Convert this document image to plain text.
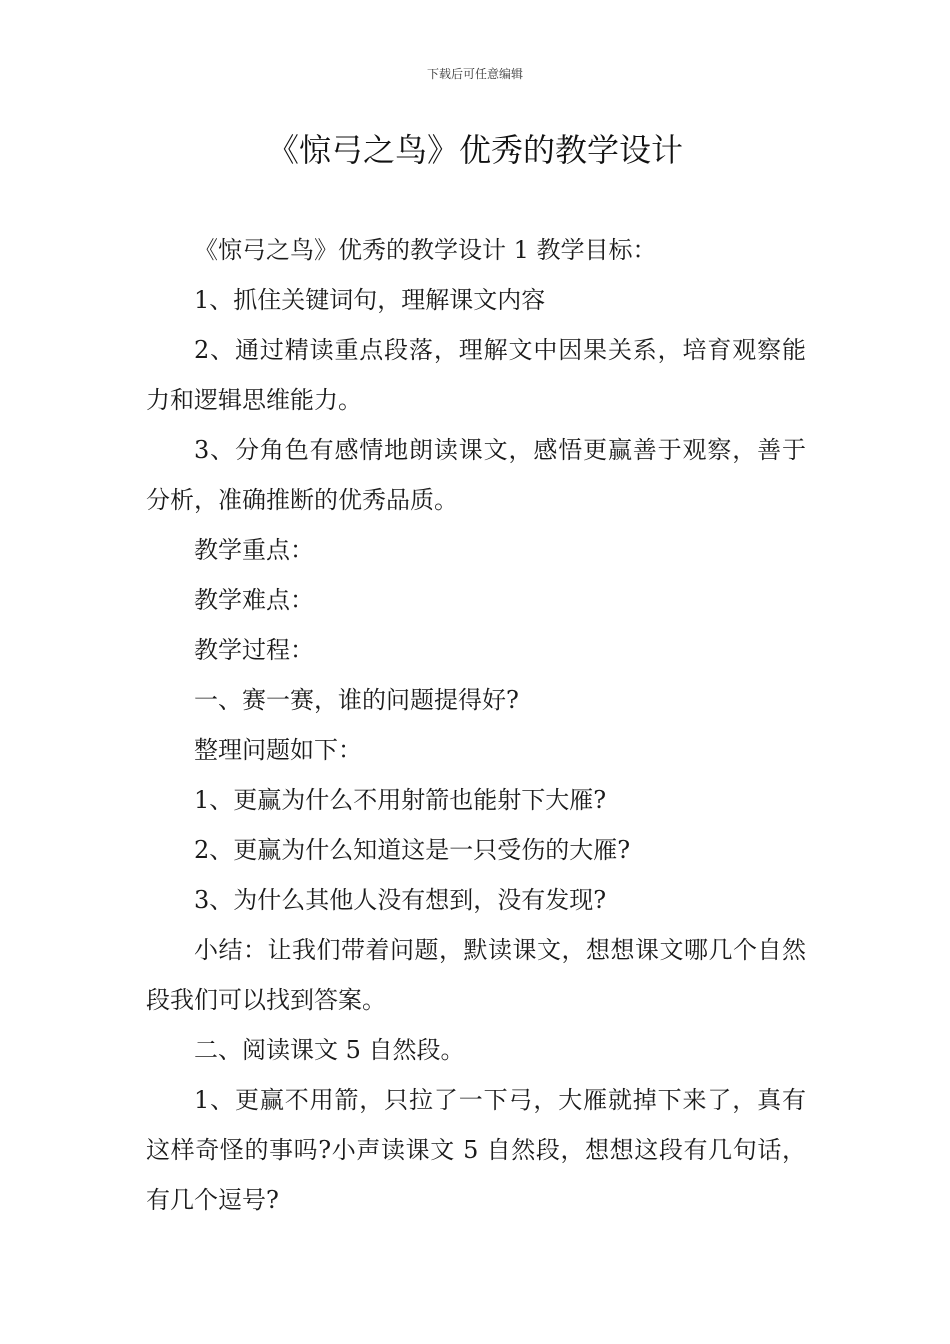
下载后可任意编辑
《惊弓之鸟》优秀的教学设计

《惊弓之鸟》优秀的教学设计 1 教学目标：

1、抓住关键词句，理解课文内容

2、通过精读重点段落，理解文中因果关系，培育观察能力和逻辑思维能力。

3、分角色有感情地朗读课文，感悟更赢善于观察，善于分析，准确推断的优秀品质。

教学重点：

教学难点：

教学过程：

一、赛一赛，谁的问题提得好?

整理问题如下：

1、更赢为什么不用射箭也能射下大雁?

2、更赢为什么知道这是一只受伤的大雁?

3、为什么其他人没有想到，没有发现?

小结：让我们带着问题，默读课文，想想课文哪几个自然段我们可以找到答案。

二、阅读课文 5 自然段。

1、更赢不用箭，只拉了一下弓，大雁就掉下来了，真有这样奇怪的事吗?小声读课文 5 自然段，想想这段有几句话，有几个逗号?
